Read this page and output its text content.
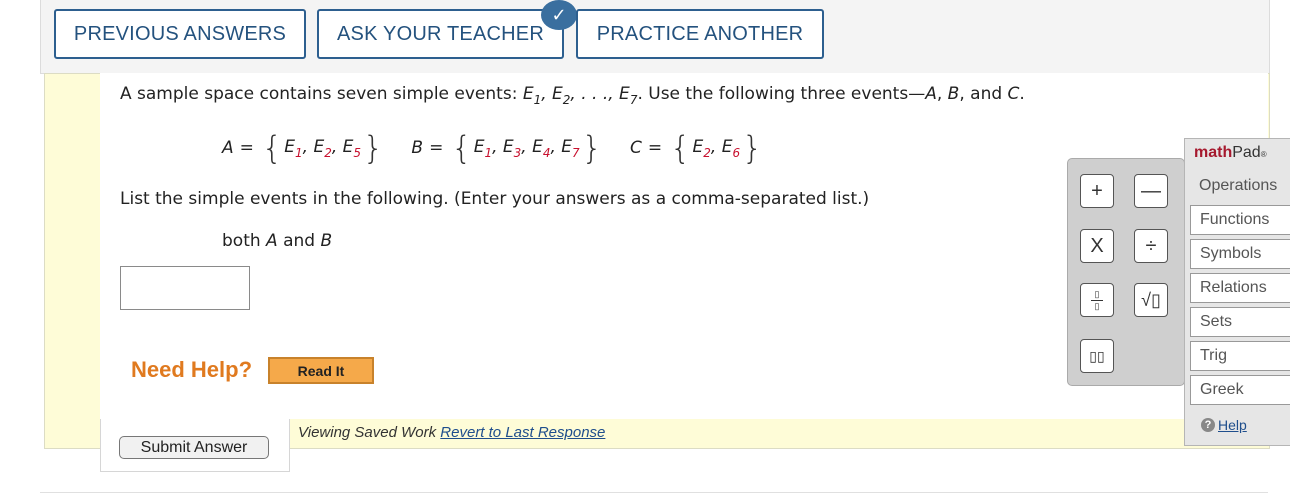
PREVIOUS ANSWERS	ASK YOUR TEACHER
✓
PRACTICE ANOTHER
A sample space contains seven simple events: $E_1$, $E_2$, . . ., $E_7$. Use the following three events—A, B, and C.
A = { $E_1$, $E_2$, $E_5$ } B = { $E_1$, $E_3$, $E_4$, $E_7$ } C = { $E_2$, $E_6$ }
List the simple events in the following. (Enter your answers as a comma-separated list.)
both A and B
Need Help?	Read It
Submit Answer
Viewing Saved Work Revert to Last Response
+	—
X	÷
$\frac{▯}{▯}$	√▯
▯▯
mathPad®
Operations
Functions
Symbols
Relations
Sets
Trig
Greek
? Help
